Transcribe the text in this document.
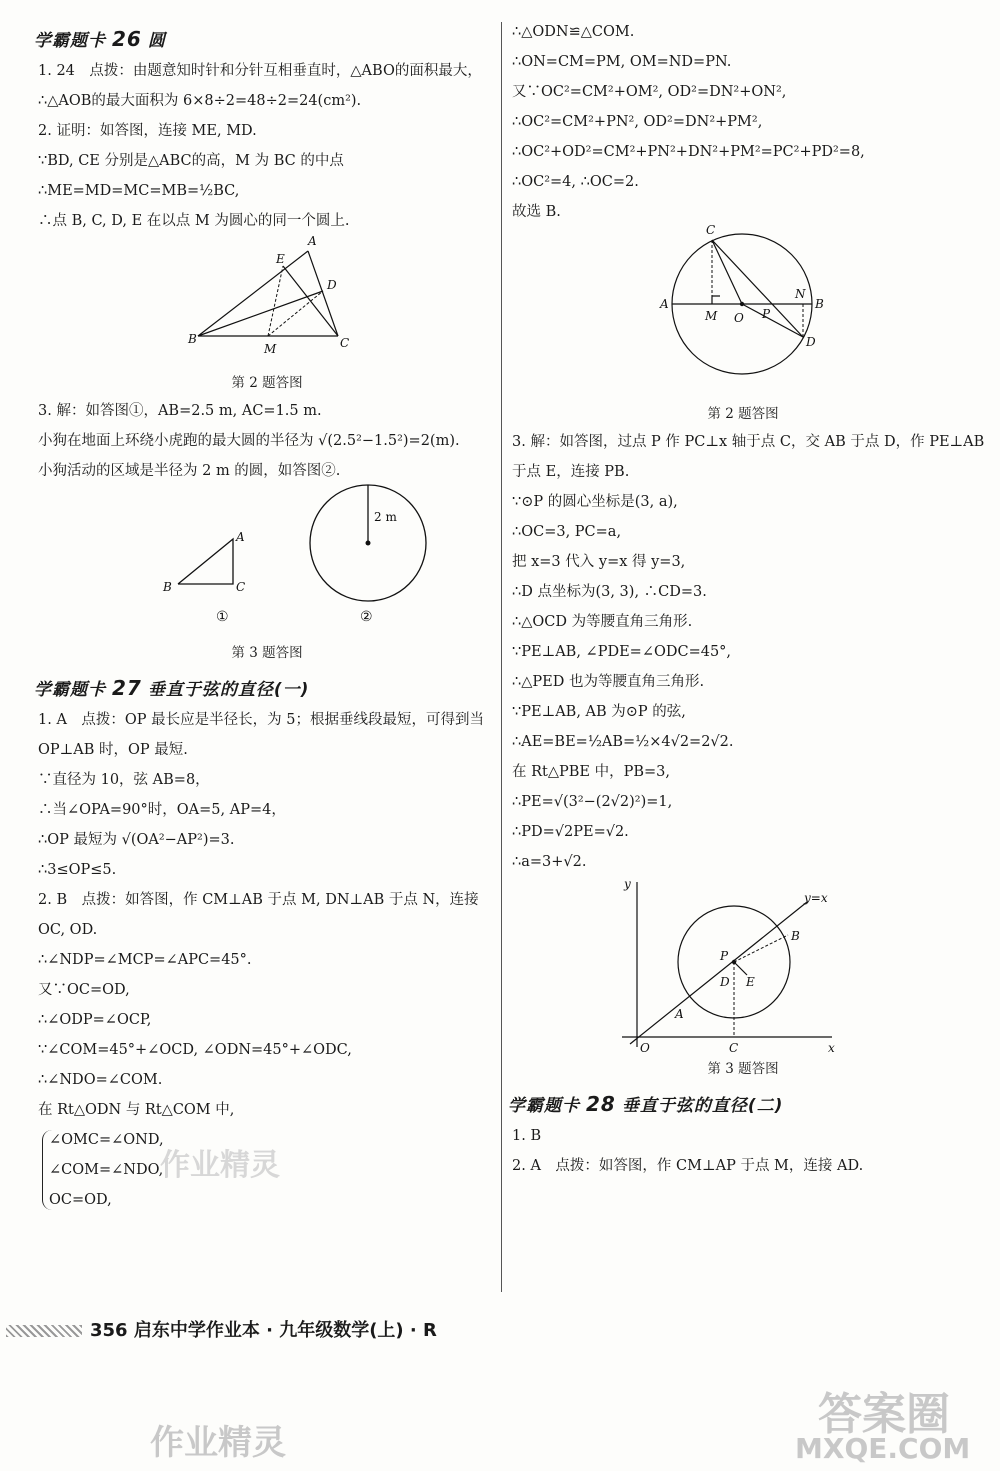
学霸题卡 26 圆

1. 24　点拨：由题意知时针和分针互相垂直时，△ABO的面积最大，

∴△AOB的最大面积为 6×8÷2=48÷2=24(cm²).

2. 证明：如答图，连接 ME, MD.

∵BD, CE 分别是△ABC的高，M 为 BC 的中点

∴ME=MD=MC=MB=½BC,

∴点 B, C, D, E 在以点 M 为圆心的同一个圆上.

A
E
D
B
M	C
第 2 题答图

3. 解：如答图①，AB=2.5 m, AC=1.5 m.

小狗在地面上环绕小虎跑的最大圆的半径为 √(2.5²−1.5²)=2(m).

小狗活动的区域是半径为 2 m 的圆，如答图②.

A
B	C
2 m
①	②
第 3 题答图
学霸题卡 27 垂直于弦的直径(一)

1. A　点拨：OP 最长应是半径长，为 5；根据垂线段最短，可得到当

OP⊥AB 时，OP 最短.

∵直径为 10，弦 AB=8，

∴当∠OPA=90°时，OA=5, AP=4，

∴OP 最短为 √(OA²−AP²)=3.

∴3≤OP≤5.

2. B　点拨：如答图，作 CM⊥AB 于点 M, DN⊥AB 于点 N，连接

OC, OD.

∴∠NDP=∠MCP=∠APC=45°.

又∵OC=OD,

∴∠ODP=∠OCP,

∵∠COM=45°+∠OCD, ∠ODN=45°+∠ODC,

∴∠NDO=∠COM.

在 Rt△ODN 与 Rt△COM 中,

∠OMC=∠OND,

∠COM=∠NDO,

OC=OD,

∴△ODN≌△COM.

∴ON=CM=PM, OM=ND=PN.

又∵OC²=CM²+OM², OD²=DN²+ON²,

∴OC²=CM²+PN², OD²=DN²+PM²,

∴OC²+OD²=CM²+PN²+DN²+PM²=PC²+PD²=8,

∴OC²=4, ∴OC=2.

故选 B.

C
A
M O P
N
B
D
第 2 题答图

3. 解：如答图，过点 P 作 PC⊥x 轴于点 C，交 AB 于点 D，作 PE⊥AB

于点 E，连接 PB.

∵⊙P 的圆心坐标是(3, a),

∴OC=3, PC=a,

把 x=3 代入 y=x 得 y=3,

∴D 点坐标为(3, 3), ∴CD=3.

∴△OCD 为等腰直角三角形.

∵PE⊥AB, ∠PDE=∠ODC=45°,

∴△PED 也为等腰直角三角形.

∵PE⊥AB, AB 为⊙P 的弦,

∴AE=BE=½AB=½×4√2=2√2.

在 Rt△PBE 中，PB=3,

∴PE=√(3²−(2√2)²)=1,

∴PD=√2PE=√2.

∴a=3+√2.

y
y=x
P
B
D E
A
O	C	x
第 3 题答图
学霸题卡 28 垂直于弦的直径(二)

1. B

2. A　点拨：如答图，作 CM⊥AP 于点 M，连接 AD.

356 启东中学作业本 · 九年级数学(上) · R
作业精灵
作业精灵
答案圈
MXQE.COM
